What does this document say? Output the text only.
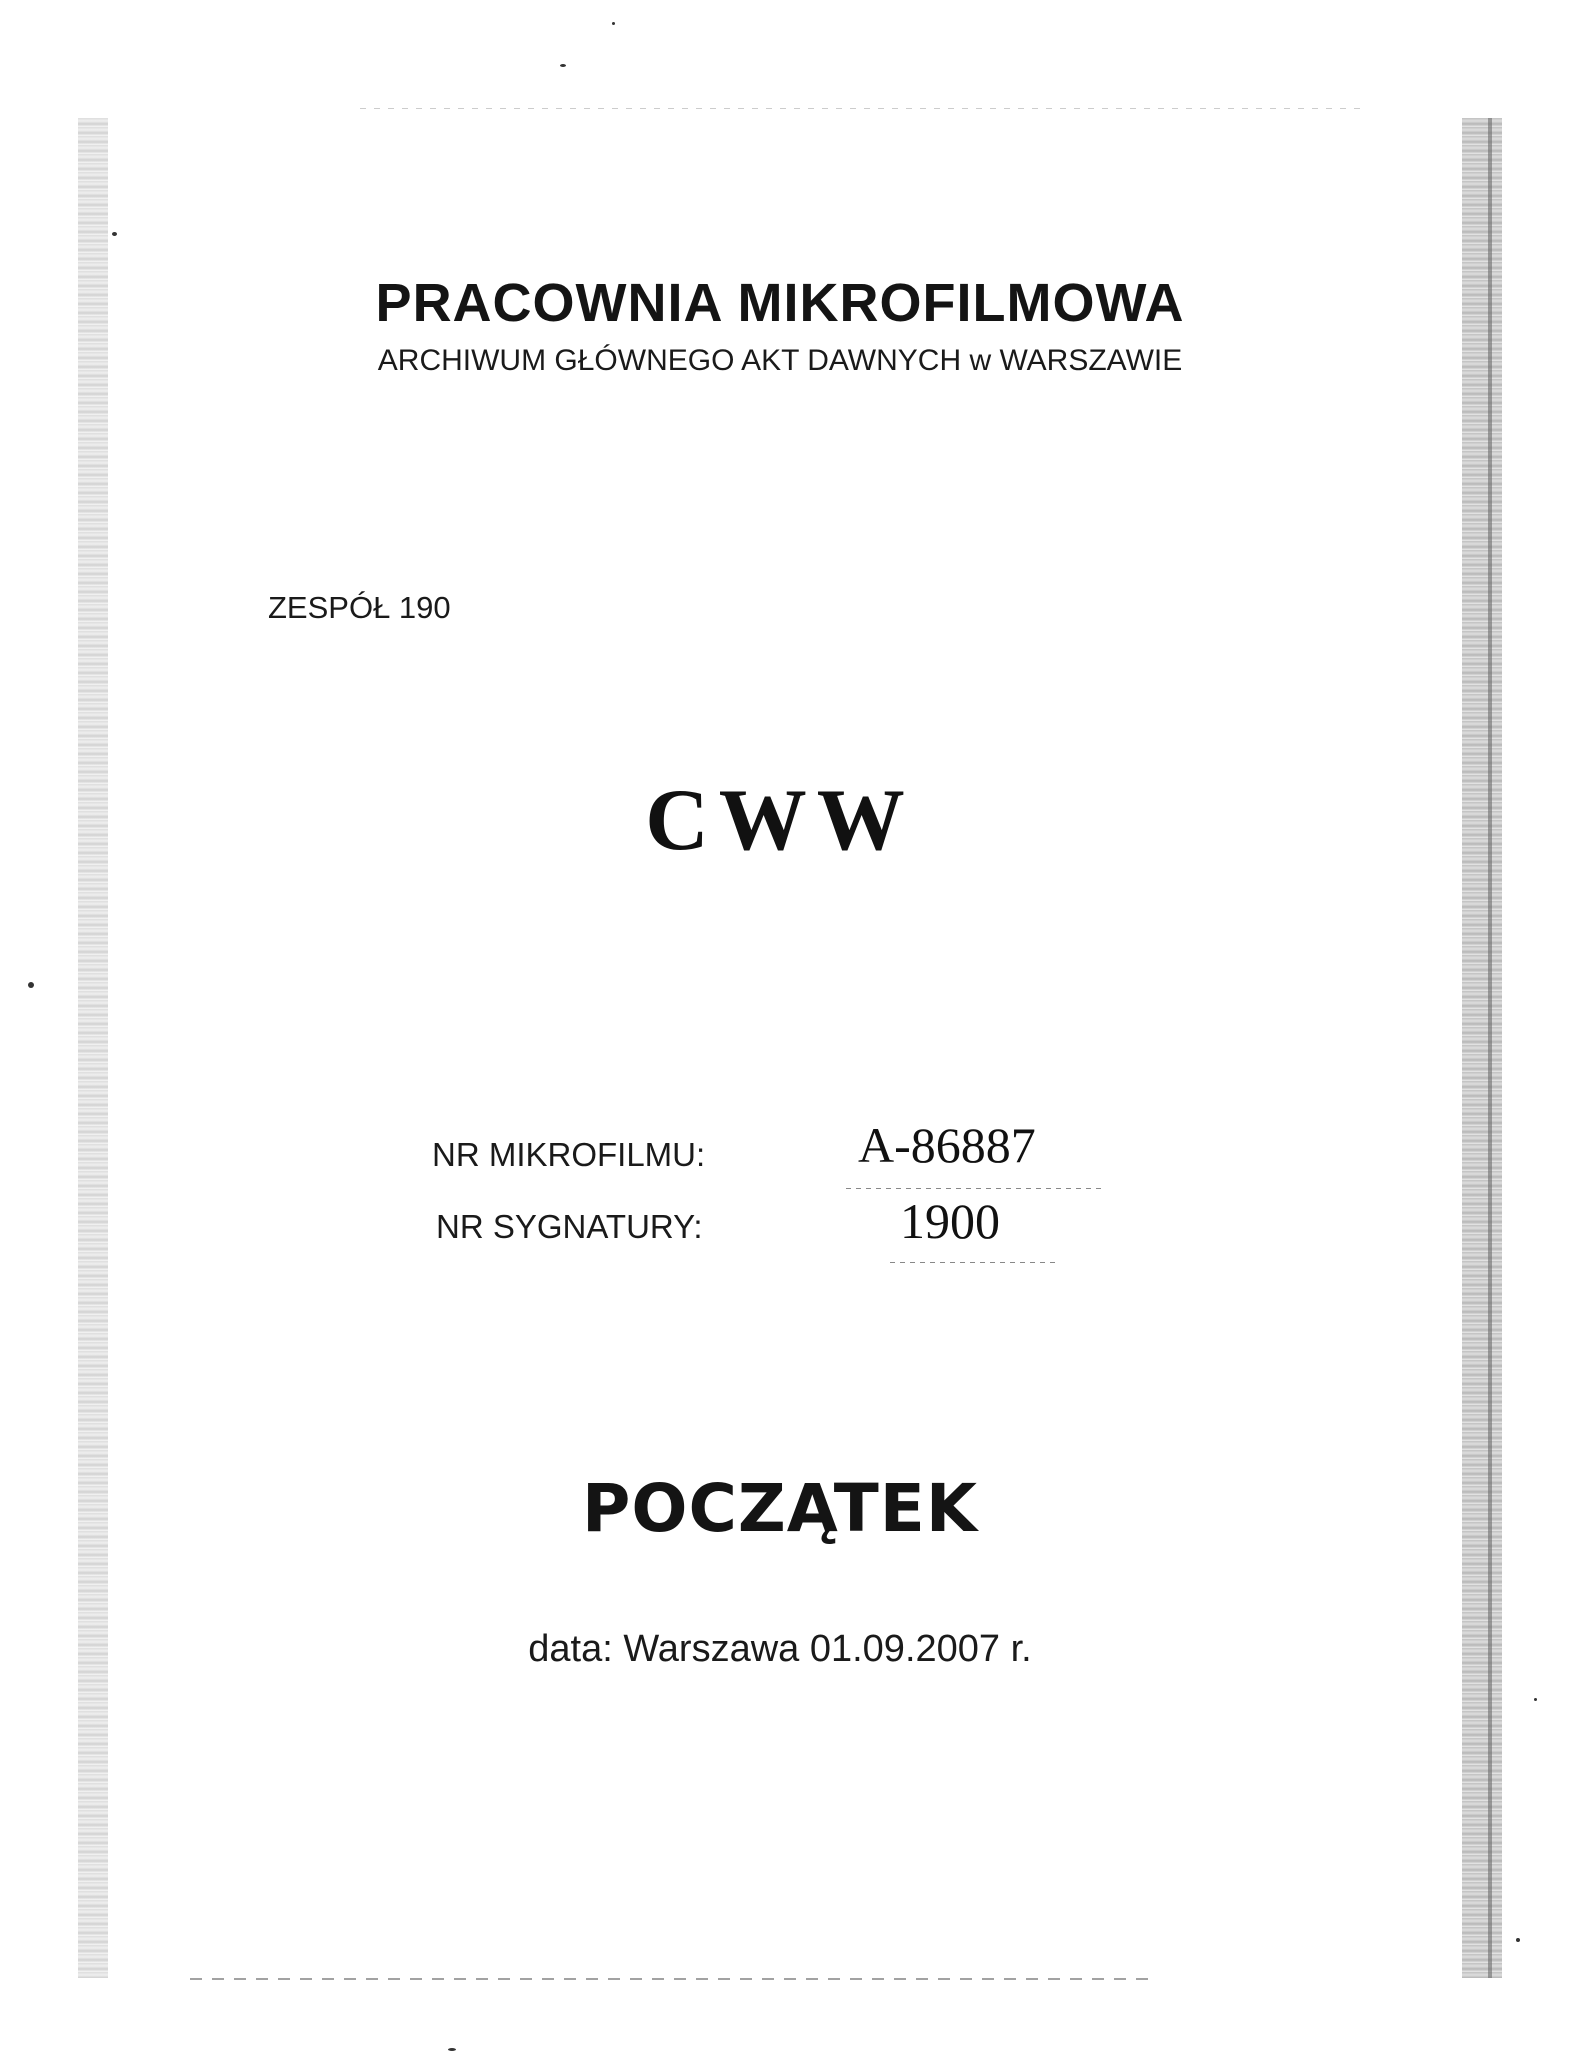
PRACOWNIA MIKROFILMOWA
ARCHIWUM GŁÓWNEGO AKT DAWNYCH w WARSZAWIE
ZESPÓŁ 190
CWW
NR MIKROFILMU:	A-86887
NR SYGNATURY:	1900
POCZĄTEK
data: Warszawa 01.09.2007 r.
